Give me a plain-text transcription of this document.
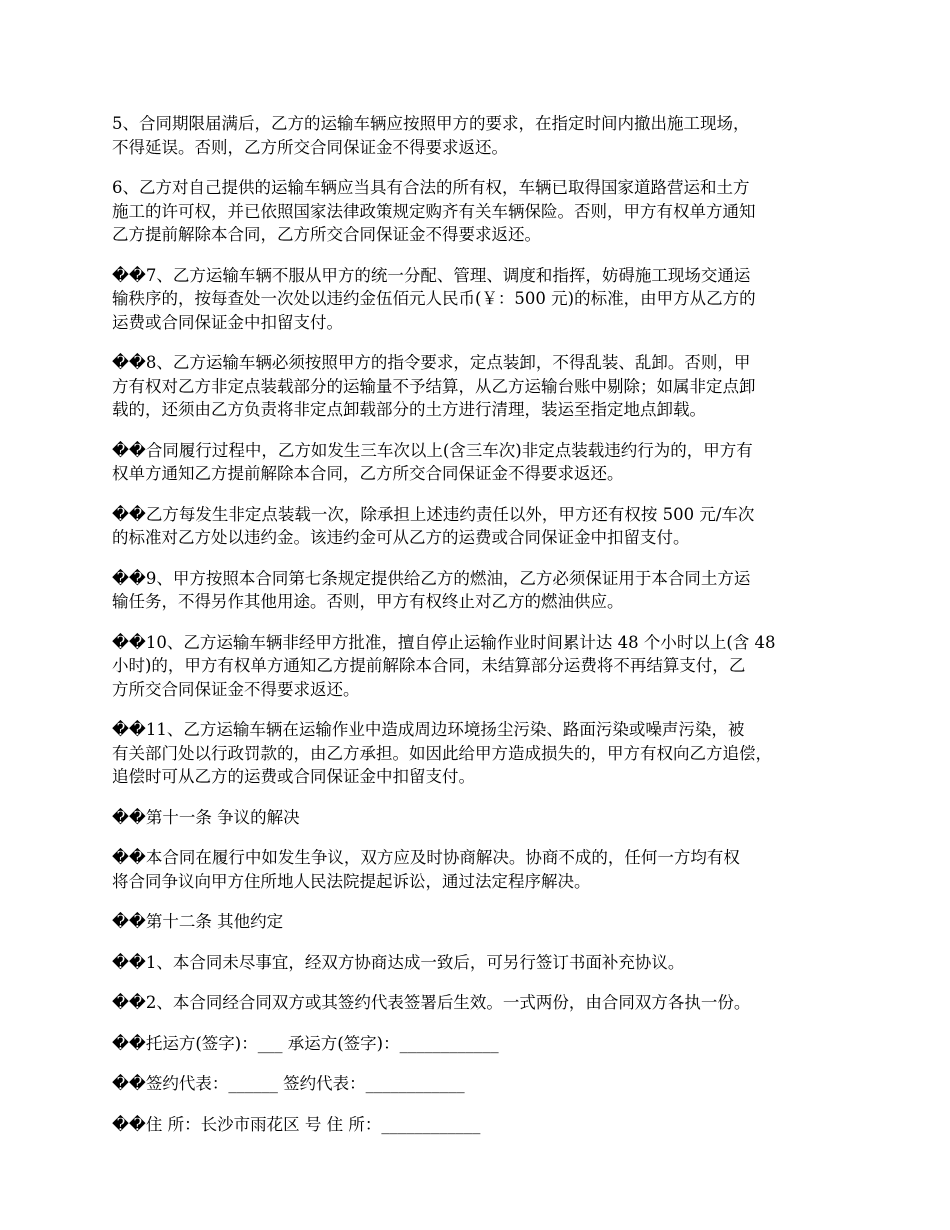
5、合同期限届满后，乙方的运输车辆应按照甲方的要求，在指定时间内撤出施工现场，
不得延误。否则，乙方所交合同保证金不得要求返还。
6、乙方对自己提供的运输车辆应当具有合法的所有权，车辆已取得国家道路营运和土方
施工的许可权，并已依照国家法律政策规定购齐有关车辆保险。否则，甲方有权单方通知
乙方提前解除本合同，乙方所交合同保证金不得要求返还。
��7、乙方运输车辆不服从甲方的统一分配、管理、调度和指挥，妨碍施工现场交通运
输秩序的，按每查处一次处以违约金伍佰元人民币(￥：500 元)的标准，由甲方从乙方的
运费或合同保证金中扣留支付。
��8、乙方运输车辆必须按照甲方的指令要求，定点装卸，不得乱装、乱卸。否则，甲
方有权对乙方非定点装载部分的运输量不予结算，从乙方运输台账中剔除；如属非定点卸
载的，还须由乙方负责将非定点卸载部分的土方进行清理，装运至指定地点卸载。
��合同履行过程中，乙方如发生三车次以上(含三车次)非定点装载违约行为的，甲方有
权单方通知乙方提前解除本合同，乙方所交合同保证金不得要求返还。
��乙方每发生非定点装载一次，除承担上述违约责任以外，甲方还有权按 500 元/车次
的标准对乙方处以违约金。该违约金可从乙方的运费或合同保证金中扣留支付。
��9、甲方按照本合同第七条规定提供给乙方的燃油，乙方必须保证用于本合同土方运
输任务，不得另作其他用途。否则，甲方有权终止对乙方的燃油供应。
��10、乙方运输车辆非经甲方批准，擅自停止运输作业时间累计达 48 个小时以上(含 48
小时)的，甲方有权单方通知乙方提前解除本合同，未结算部分运费将不再结算支付，乙
方所交合同保证金不得要求返还。
��11、乙方运输车辆在运输作业中造成周边环境扬尘污染、路面污染或噪声污染，被
有关部门处以行政罚款的，由乙方承担。如因此给甲方造成损失的，甲方有权向乙方追偿，
追偿时可从乙方的运费或合同保证金中扣留支付。
��第十一条 争议的解决
��本合同在履行中如发生争议，双方应及时协商解决。协商不成的，任何一方均有权
将合同争议向甲方住所地人民法院提起诉讼，通过法定程序解决。
��第十二条 其他约定
��1、本合同未尽事宜，经双方协商达成一致后，可另行签订书面补充协议。
��2、本合同经合同双方或其签约代表签署后生效。一式两份，由合同双方各执一份。
��托运方(签字)：___ 承运方(签字)：____________
��签约代表：______ 签约代表：____________
��住 所：长沙市雨花区 号 住 所：____________
